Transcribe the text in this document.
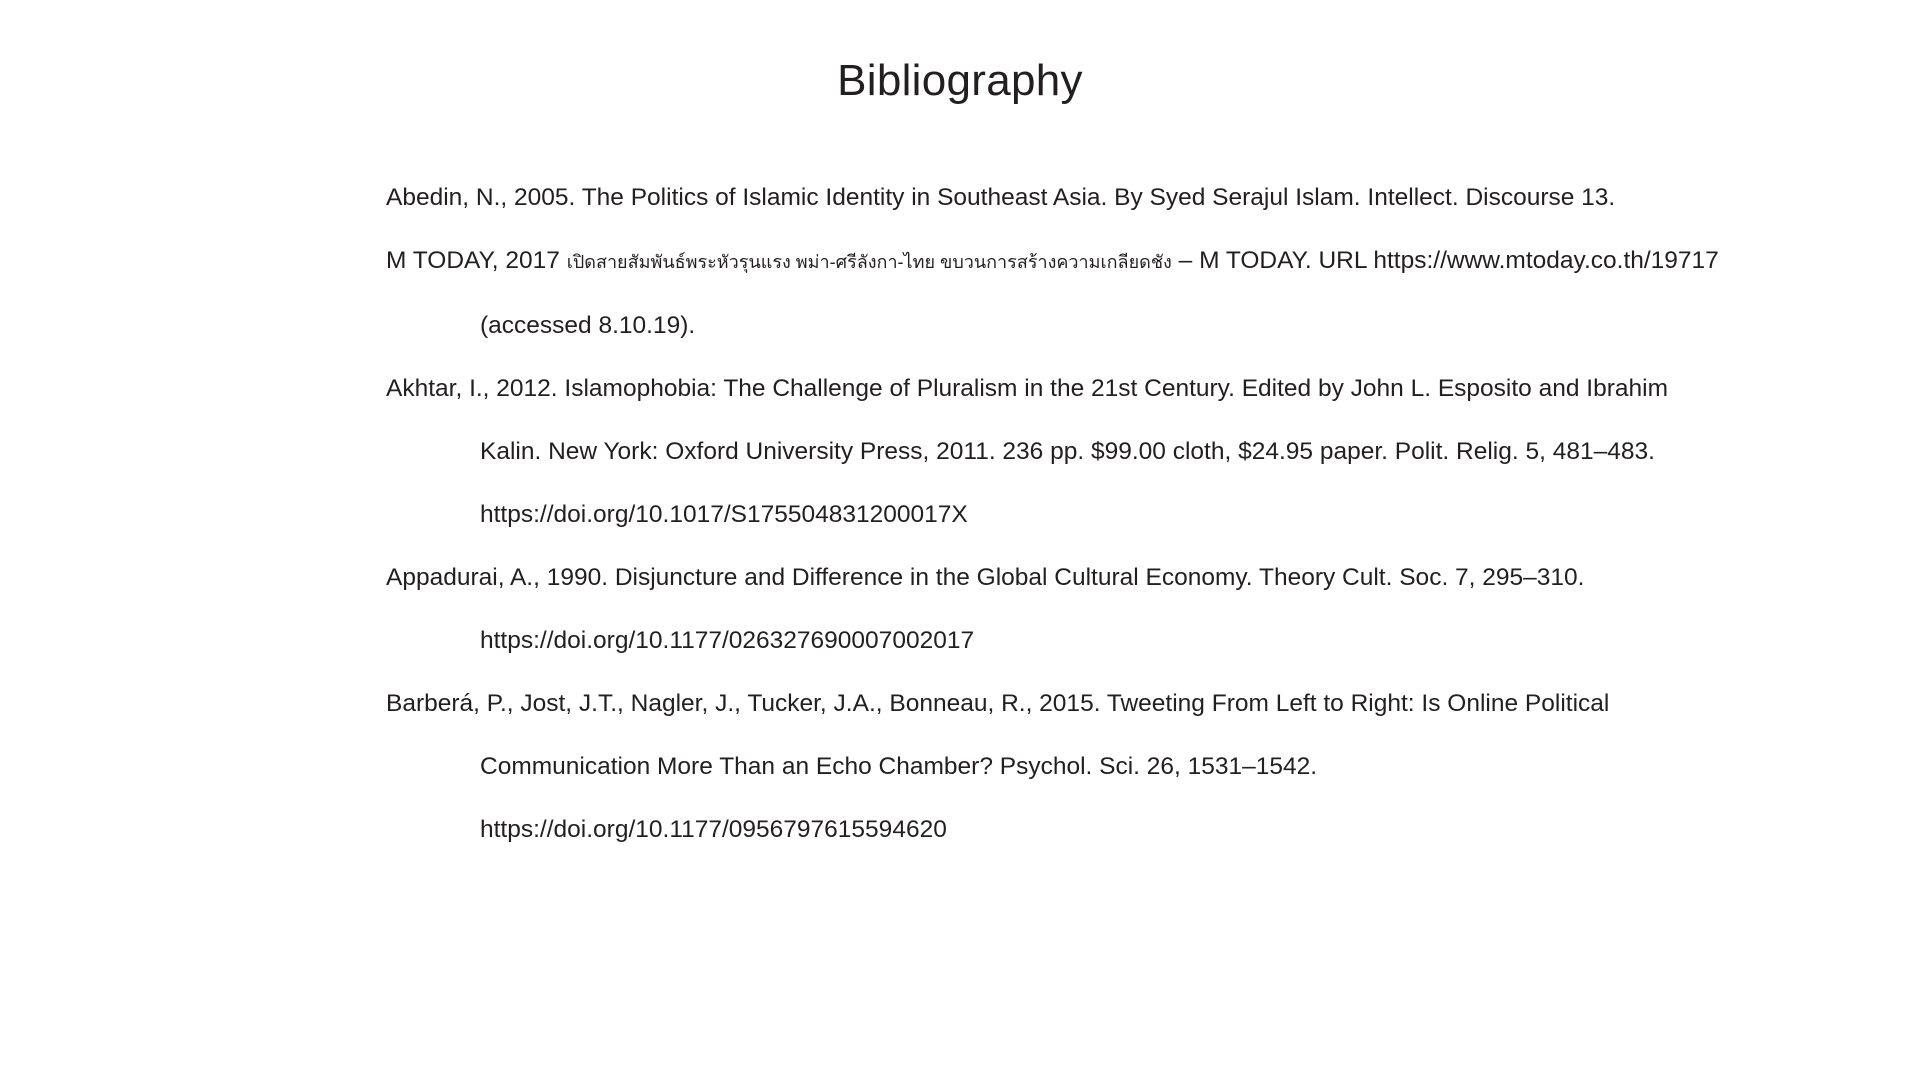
Bibliography

Abedin, N., 2005. The Politics of Islamic Identity in Southeast Asia. By Syed Serajul Islam. Intellect. Discourse 13.

M TODAY, 2017 เปิดสายสัมพันธ์พระหัวรุนแรง พม่า-ศรีลังกา-ไทย ขบวนการสร้างความเกลียดชัง – M TODAY. URL https://www.mtoday.co.th/19717 (accessed 8.10.19).

Akhtar, I., 2012. Islamophobia: The Challenge of Pluralism in the 21st Century. Edited by John L. Esposito and Ibrahim Kalin. New York: Oxford University Press, 2011. 236 pp. $99.00 cloth, $24.95 paper. Polit. Relig. 5, 481–483. https://doi.org/10.1017/S175504831200017X

Appadurai, A., 1990. Disjuncture and Difference in the Global Cultural Economy. Theory Cult. Soc. 7, 295–310. https://doi.org/10.1177/026327690007002017

Barberá, P., Jost, J.T., Nagler, J., Tucker, J.A., Bonneau, R., 2015. Tweeting From Left to Right: Is Online Political Communication More Than an Echo Chamber? Psychol. Sci. 26, 1531–1542. https://doi.org/10.1177/0956797615594620
